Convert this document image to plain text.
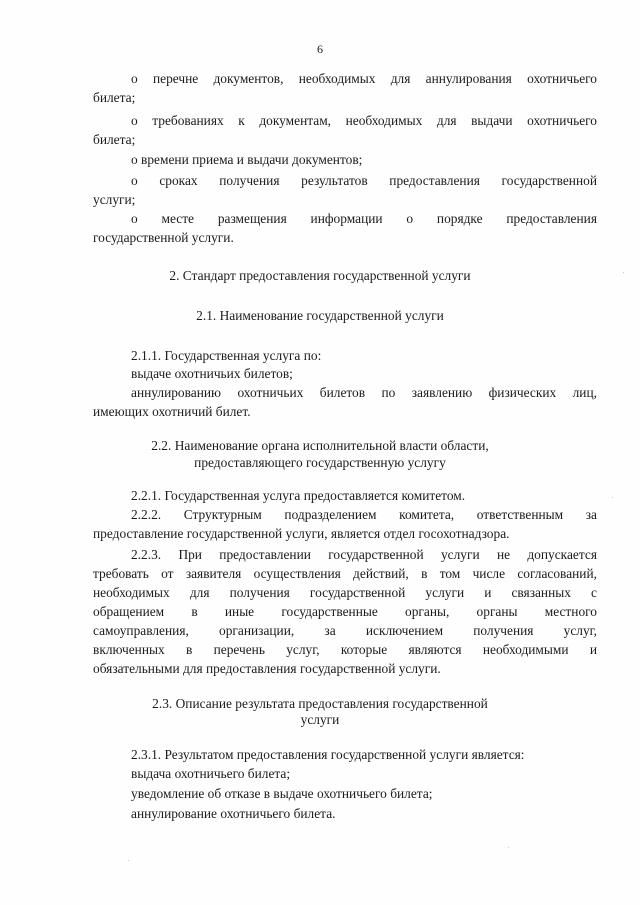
6
о перечне документов, необходимых для аннулирования охотничьего
билета;
о требованиях к документам, необходимых для выдачи охотничьего
билета;
о времени приема и выдачи документов;
о сроках получения результатов предоставления государственной
услуги;
о месте размещения информации о порядке предоставления
государственной услуги.
2. Стандарт предоставления государственной услуги
2.1. Наименование государственной услуги
2.1.1. Государственная услуга по:
выдаче охотничьих билетов;
аннулированию охотничьих билетов по заявлению физических лиц,
имеющих охотничий билет.
2.2. Наименование органа исполнительной власти области,
предоставляющего государственную услугу
2.2.1. Государственная услуга предоставляется комитетом.
2.2.2. Структурным подразделением комитета, ответственным за
предоставление государственной услуги, является отдел госохотнадзора.
2.2.3. При предоставлении государственной услуги не допускается
требовать от заявителя осуществления действий, в том числе согласований,
необходимых для получения государственной услуги и связанных с
обращением в иные государственные органы, органы местного
самоуправления, организации, за исключением получения услуг,
включенных в перечень услуг, которые являются необходимыми и
обязательными для предоставления государственной услуги.
2.3. Описание результата предоставления государственной
услуги
2.3.1. Результатом предоставления государственной услуги является:
выдача охотничьего билета;
уведомление об отказе в выдаче охотничьего билета;
аннулирование охотничьего билета.
